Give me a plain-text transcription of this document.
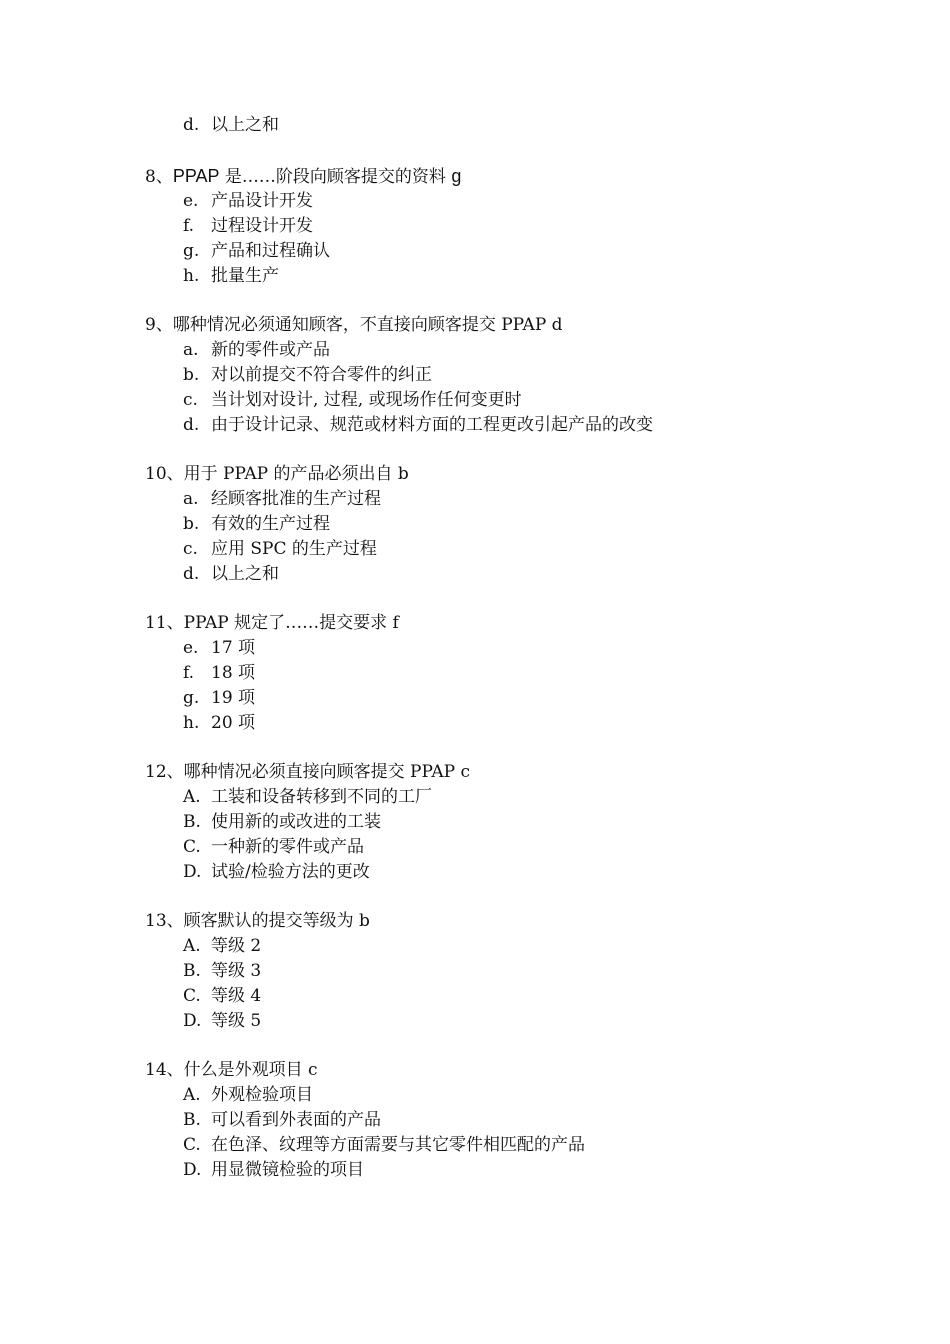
d. 以上之和
8、PPAP 是……阶段向顾客提交的资料 g
e. 产品设计开发
f. 过程设计开发
g. 产品和过程确认
h. 批量生产
9、哪种情况必须通知顾客，不直接向顾客提交 PPAP d
a. 新的零件或产品
b. 对以前提交不符合零件的纠正
c. 当计划对设计, 过程, 或现场作任何变更时
d. 由于设计记录、规范或材料方面的工程更改引起产品的改变
10、用于 PPAP 的产品必须出自 b
a. 经顾客批准的生产过程
b. 有效的生产过程
c. 应用 SPC 的生产过程
d. 以上之和
11、PPAP 规定了……提交要求 f
e. 17 项
f. 18 项
g. 19 项
h. 20 项
12、哪种情况必须直接向顾客提交 PPAP c
A. 工装和设备转移到不同的工厂
B. 使用新的或改进的工装
C. 一种新的零件或产品
D. 试验/检验方法的更改
13、顾客默认的提交等级为 b
A. 等级 2
B. 等级 3
C. 等级 4
D. 等级 5
14、什么是外观项目 c
A. 外观检验项目
B. 可以看到外表面的产品
C. 在色泽、纹理等方面需要与其它零件相匹配的产品
D. 用显微镜检验的项目
